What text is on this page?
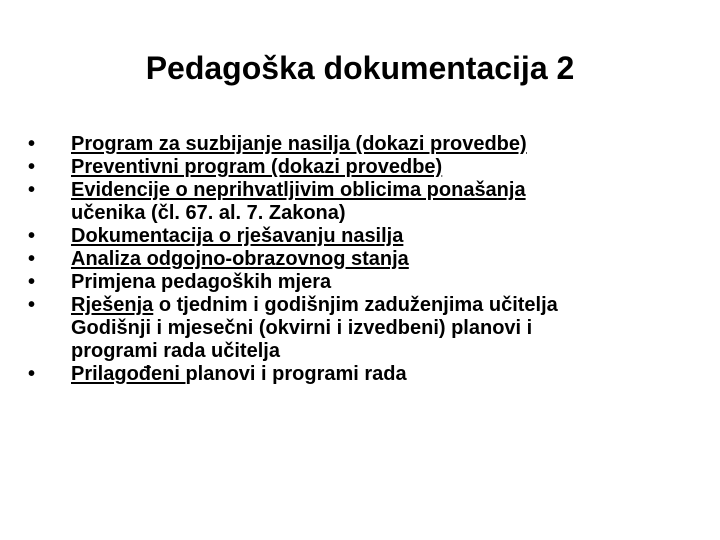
Pedagoška dokumentacija 2
•	Program za suzbijanje nasilja (dokazi provedbe)
•	Preventivni program (dokazi provedbe)
•	Evidencije o neprihvatljivim oblicima ponašanja
učenika (čl. 67. al. 7. Zakona)
•	Dokumentacija o rješavanju nasilja
•	Analiza odgojno-obrazovnog stanja
•	Primjena pedagoških mjera
•	Rješenja o tjednim i godišnjim zaduženjima učitelja
Godišnji i mjesečni (okvirni i izvedbeni) planovi i
programi rada učitelja
•	Prilagođeni planovi i programi rada
